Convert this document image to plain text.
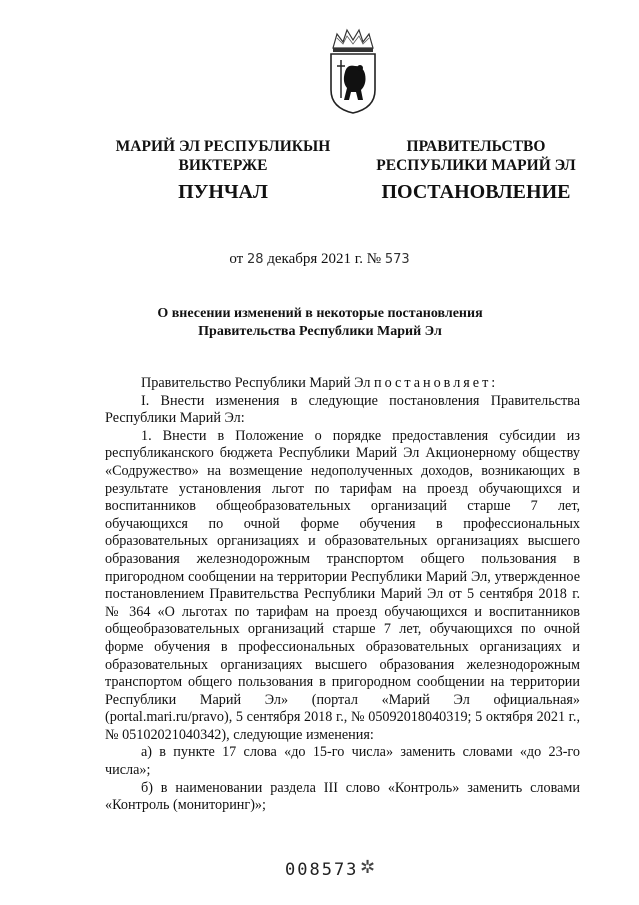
МАРИЙ ЭЛ РЕСПУБЛИКЫН
ВИКТЕРЖЕ
ПРАВИТЕЛЬСТВО
РЕСПУБЛИКИ МАРИЙ ЭЛ
ПУНЧАЛ	ПОСТАНОВЛЕНИЕ
от 28 декабря 2021 г. № 573
О внесении изменений в некоторые постановления
Правительства Республики Марий Эл

Правительство Республики Марий Эл постановляет:

I. Внести изменения в следующие постановления Правительства Республики Марий Эл:

1. Внести в Положение о порядке предоставления субсидии из республиканского бюджета Республики Марий Эл Акционерному обществу «Содружество» на возмещение недополученных доходов, возникающих в результате установления льгот по тарифам на проезд обучающихся и воспитанников общеобразовательных организаций старше 7 лет, обучающихся по очной форме обучения в профессиональных образовательных организациях и образовательных организациях высшего образования железнодорожным транспортом общего пользования в пригородном сообщении на территории Республики Марий Эл, утвержденное постановлением Правительства Республики Марий Эл от 5 сентября 2018 г. № 364 «О льготах по тарифам на проезд обучающихся и воспитанников общеобразовательных организаций старше 7 лет, обучающихся по очной форме обучения в профессиональных образовательных организациях и образовательных организациях высшего образования железнодорожным транспортом общего пользования в пригородном сообщении на территории Республики Марий Эл» (портал «Марий Эл официальная» (portal.mari.ru/pravo), 5 сентября 2018 г., № 05092018040319; 5 октября 2021 г., № 05102021040342), следующие изменения:

а) в пункте 17 слова «до 15-го числа» заменить словами «до 23-го числа»;

б) в наименовании раздела III слово «Контроль» заменить словами «Контроль (мониторинг)»;

008573 ✲
